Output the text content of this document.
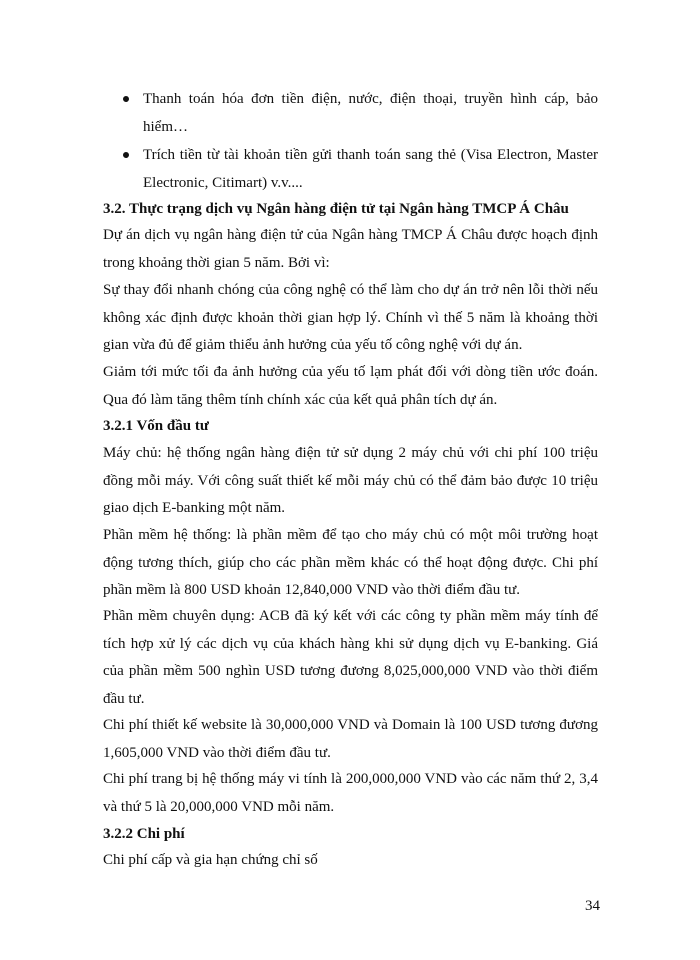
Thanh toán hóa đơn tiền điện, nước, điện thoại, truyền hình cáp, bảo hiểm…
Trích tiền từ tài khoản tiền gửi thanh toán sang thẻ (Visa Electron, Master Electronic, Citimart) v.v....
3.2. Thực trạng dịch vụ Ngân hàng điện tử tại Ngân hàng TMCP Á Châu
Dự án dịch vụ ngân hàng điện tử của Ngân hàng TMCP Á Châu được hoạch định trong khoảng thời gian 5 năm. Bởi vì:
Sự thay đổi nhanh chóng của công nghệ có thể làm cho dự án trở nên lỗi thời nếu không xác định được khoản thời gian hợp lý. Chính vì thế 5 năm là khoảng thời gian vừa đủ để giảm thiểu ảnh hưởng của yếu tố công nghệ với dự án.
Giảm tới mức tối đa ảnh hưởng của yếu tố lạm phát đối với dòng tiền ước đoán. Qua đó làm tăng thêm tính chính xác của kết quả phân tích dự án.
3.2.1 Vốn đầu tư
Máy chủ: hệ thống ngân hàng điện tử sử dụng 2 máy chủ với chi phí 100 triệu đồng mỗi máy. Với công suất thiết kế mỗi máy chủ có thể đảm bảo được 10 triệu giao dịch E-banking một năm.
Phần mềm hệ thống: là phần mềm để tạo cho máy chủ có một môi trường hoạt động tương thích, giúp cho các phần mềm khác có thể hoạt động được. Chi phí phần mềm là 800 USD khoản 12,840,000 VND vào thời điểm đầu tư.
Phần mềm chuyên dụng: ACB đã ký kết với các công ty phần mềm máy tính để tích hợp xử lý các dịch vụ của khách hàng khi sử dụng dịch vụ E-banking. Giá của phần mềm 500 nghìn USD tương đương 8,025,000,000 VND vào thời điểm đầu tư.
Chi phí thiết kế website là 30,000,000 VND và Domain là 100 USD tương đương 1,605,000 VND vào thời điểm đầu tư.
Chi phí trang bị hệ thống máy vi tính là 200,000,000 VND vào các năm thứ 2, 3,4 và thứ 5 là 20,000,000 VND mỗi năm.
3.2.2 Chi phí
Chi phí cấp và gia hạn chứng chỉ số
34
